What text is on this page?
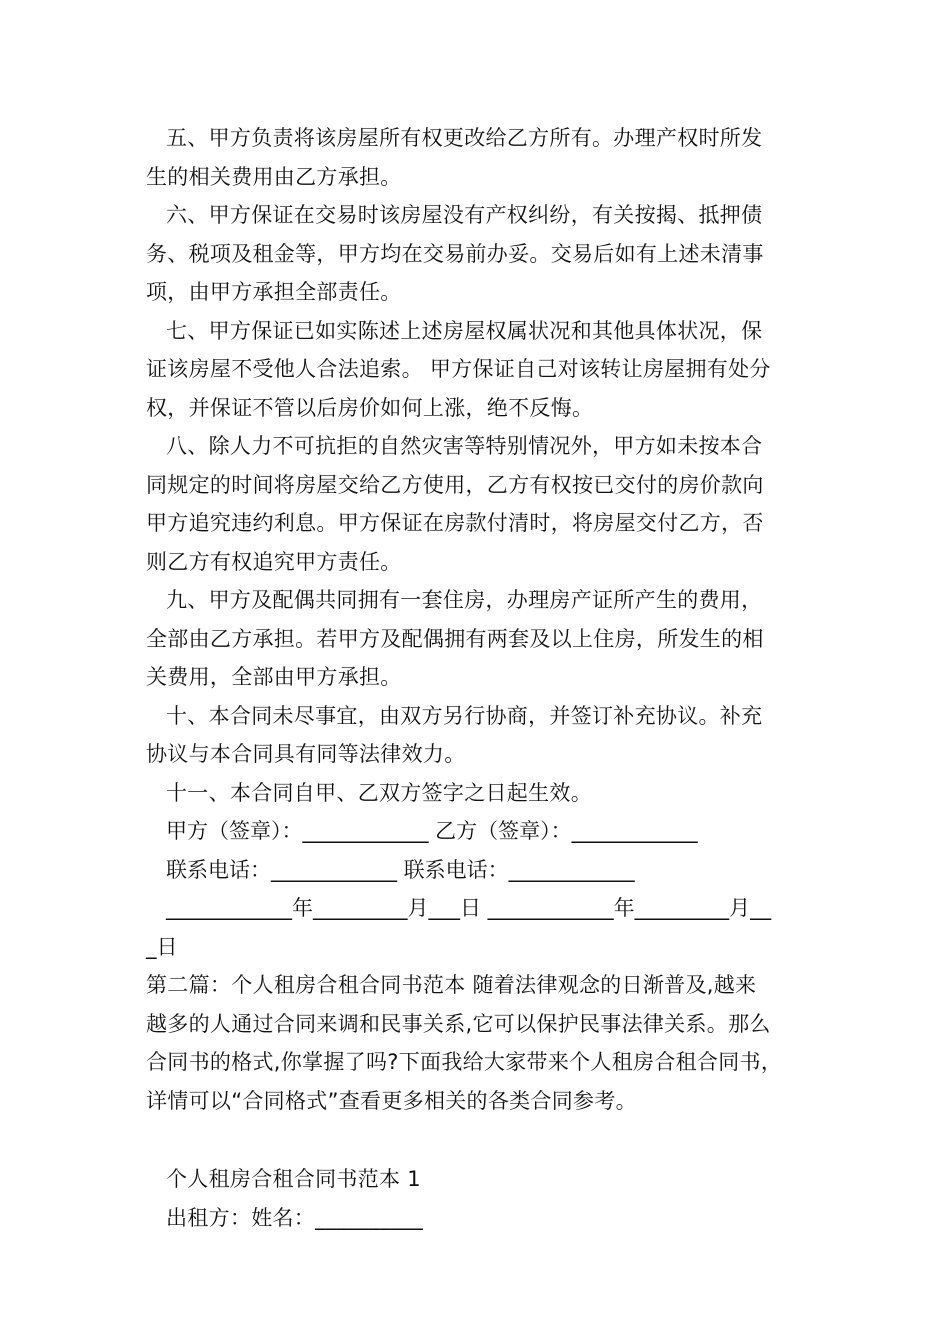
五、甲方负责将该房屋所有权更改给乙方所有。办理产权时所发
生的相关费用由乙方承担。
六、甲方保证在交易时该房屋没有产权纠纷，有关按揭、抵押债
务、税项及租金等，甲方均在交易前办妥。交易后如有上述未清事
项，由甲方承担全部责任。
七、甲方保证已如实陈述上述房屋权属状况和其他具体状况，保
证该房屋不受他人合法追索。 甲方保证自己对该转让房屋拥有处分
权，并保证不管以后房价如何上涨，绝不反悔。
八、除人力不可抗拒的自然灾害等特别情况外，甲方如未按本合
同规定的时间将房屋交给乙方使用，乙方有权按已交付的房价款向
甲方追究违约利息。甲方保证在房款付清时，将房屋交付乙方，否
则乙方有权追究甲方责任。
九、甲方及配偶共同拥有一套住房，办理房产证所产生的费用，
全部由乙方承担。若甲方及配偶拥有两套及以上住房，所发生的相
关费用，全部由甲方承担。
十、本合同未尽事宜，由双方另行协商，并签订补充协议。补充
协议与本合同具有同等法律效力。
十一、本合同自甲、乙双方签字之日起生效。
甲方（签章）：____________ 乙方（签章）：____________
联系电话：____________ 联系电话：____________
____________年_________月___日 ____________年_________月__
_日
第二篇：个人租房合租合同书范本 随着法律观念的日渐普及,越来
越多的人通过合同来调和民事关系,它可以保护民事法律关系。那么
合同书的格式,你掌握了吗?下面我给大家带来个人租房合租合同书，
详情可以“合同格式”查看更多相关的各类合同参考。
个人租房合租合同书范本 1
出租方：姓名：__________
